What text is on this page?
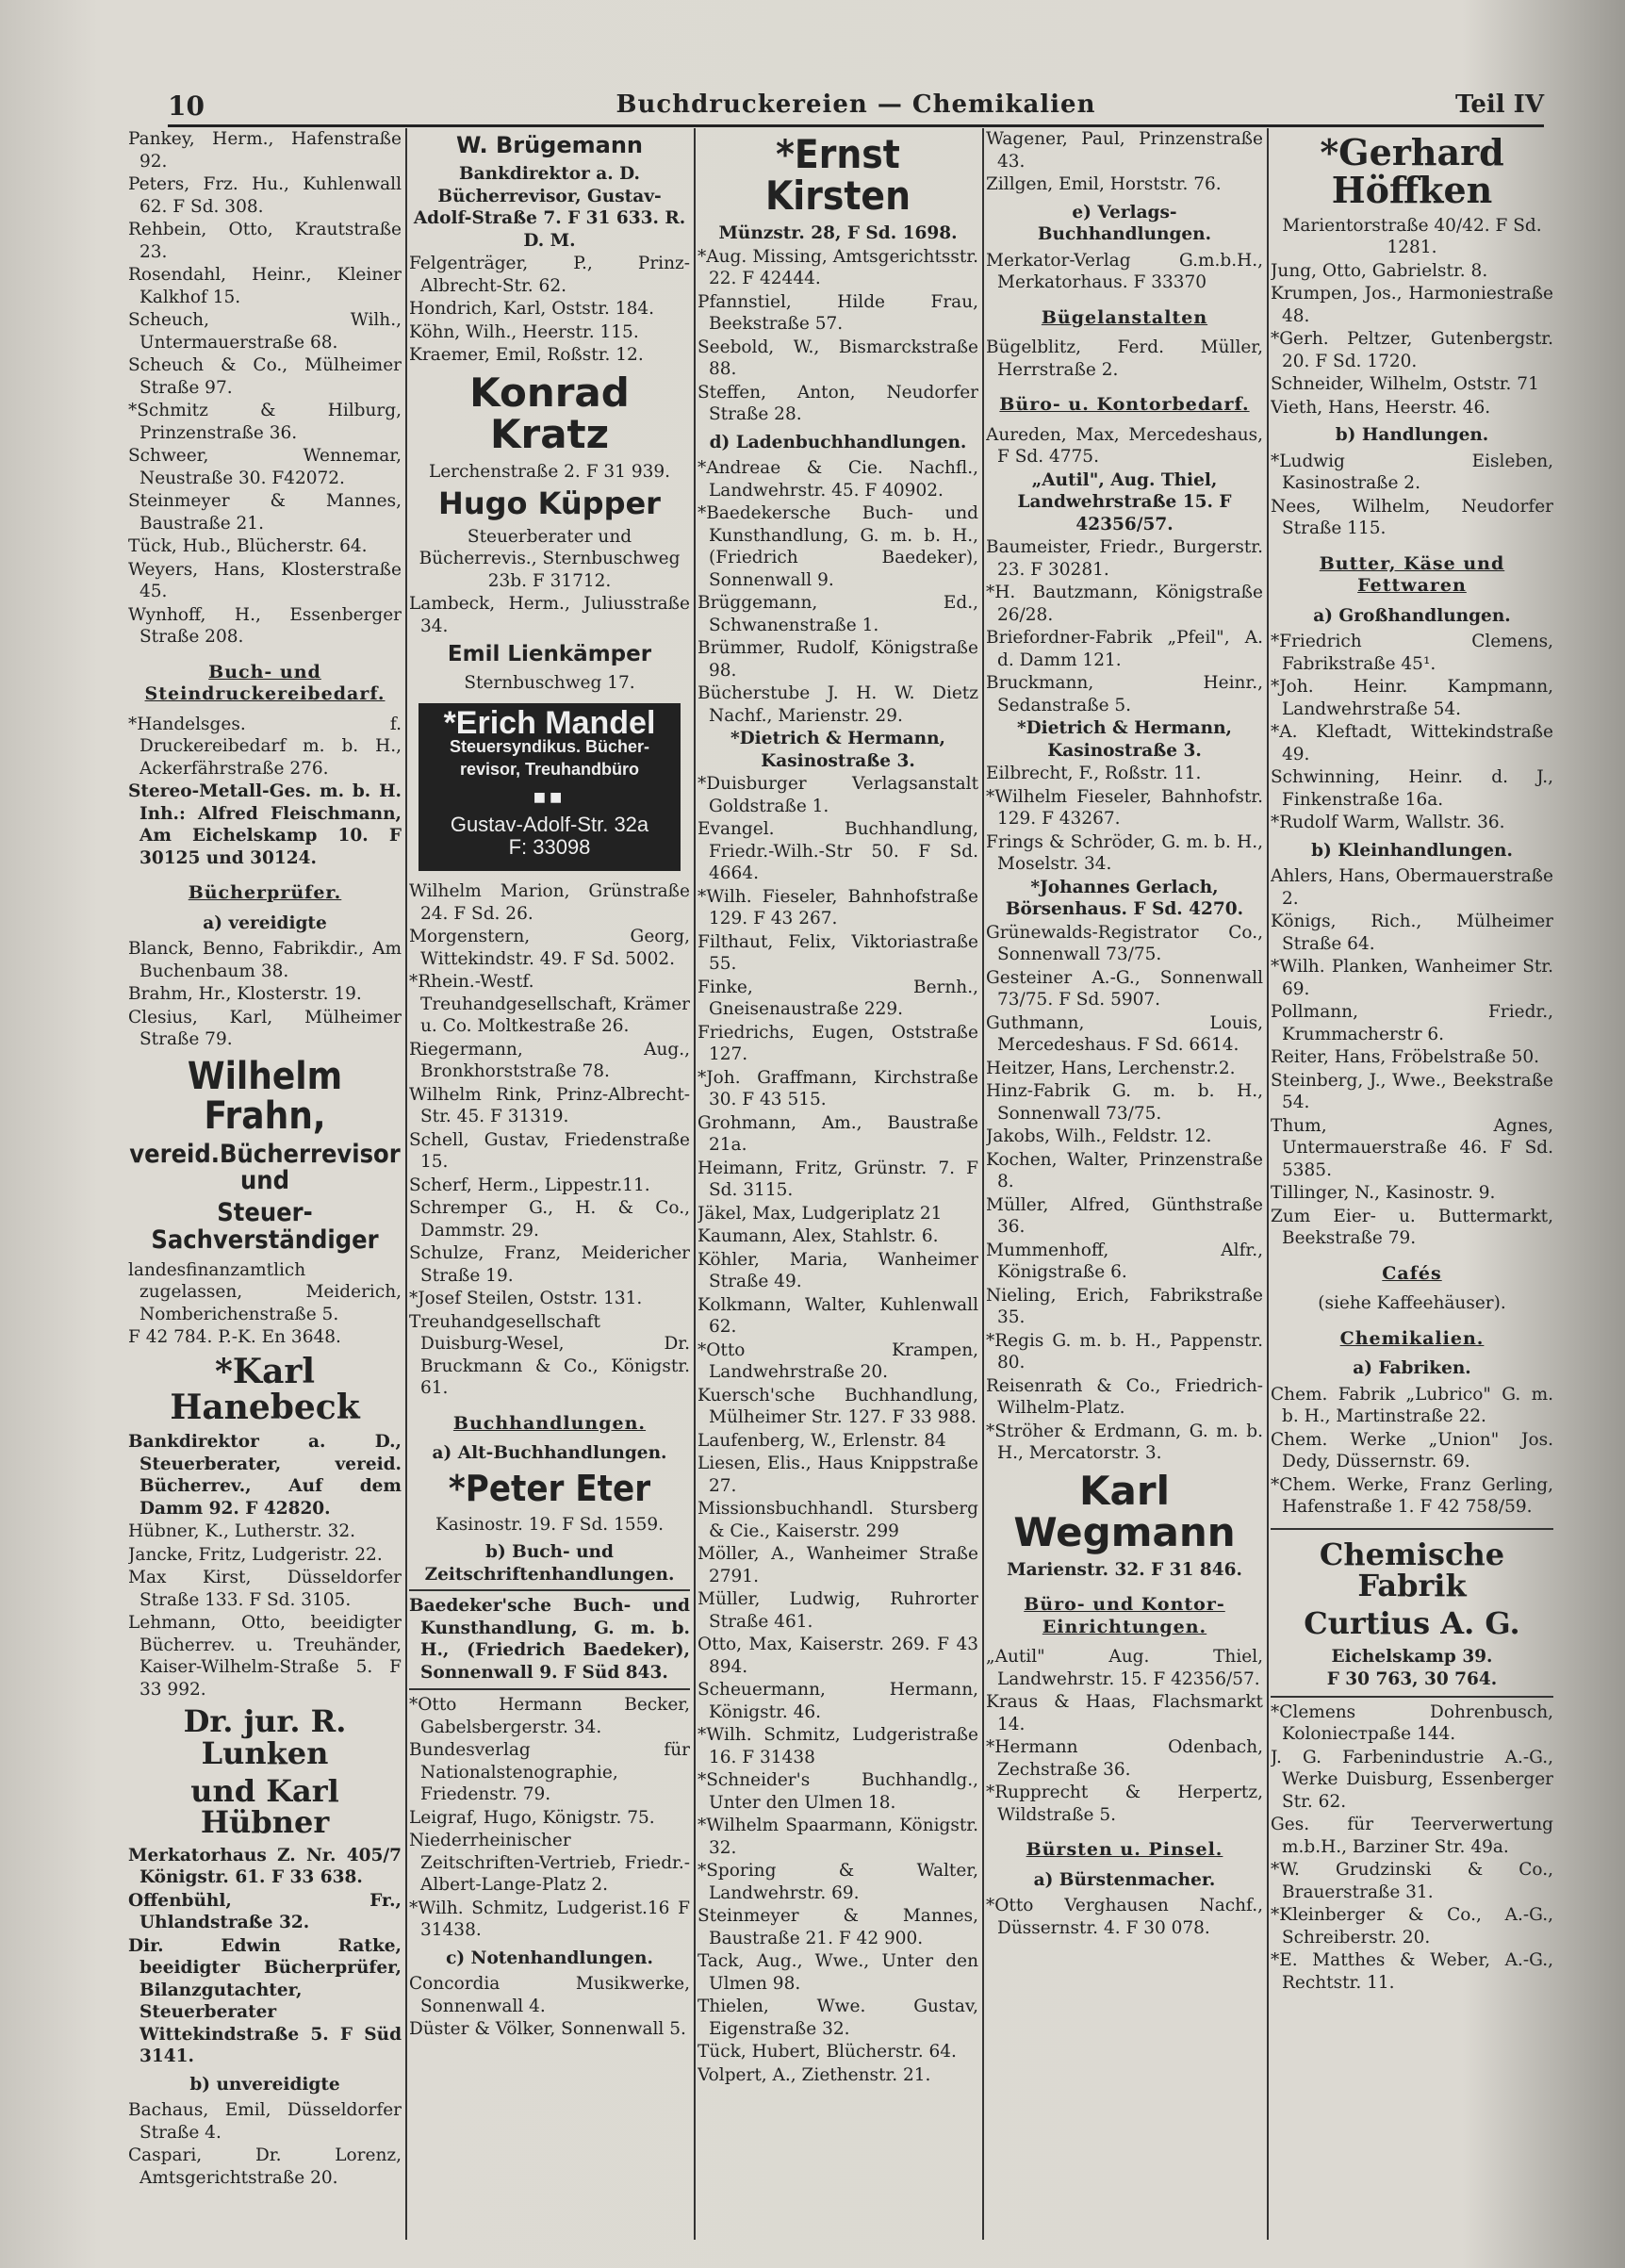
10	Buchdruckereien — Chemikalien	Teil IV

Pankey, Herm., Hafenstraße 92.

Peters, Frz. Hu., Kuhlenwall 62. F Sd. 308.

Rehbein, Otto, Krautstraße 23.

Rosendahl, Heinr., Kleiner Kalkhof 15.

Scheuch, Wilh., Untermauerstraße 68.

Scheuch & Co., Mülheimer Straße 97.

*Schmitz & Hilburg, Prinzenstraße 36.

Schweer, Wennemar, Neustraße 30. F42072.

Steinmeyer & Mannes, Baustraße 21.

Tück, Hub., Blücherstr. 64.

Weyers, Hans, Klosterstraße 45.

Wynhoff, H., Essenberger Straße 208.

Buch- und Steindruckereibedarf.

*Handelsges. f. Druckereibedarf m. b. H., Ackerfährstraße 276.

Stereo-Metall-Ges. m. b. H. Inh.: Alfred Fleischmann, Am Eichelskamp 10. F 30125 und 30124.

Bücherprüfer.
a) vereidigte

Blanck, Benno, Fabrikdir., Am Buchenbaum 38.

Brahm, Hr., Klosterstr. 19.

Clesius, Karl, Mülheimer Straße 79.

Wilhelm Frahn,
vereid.Bücherrevisor und
Steuer-Sachverständiger

landesfinanzamtlich zugelassen, Meiderich, Nomberichenstraße 5.

F 42 784. P.-K. En 3648.

*Karl Hanebeck

Bankdirektor a. D., Steuerberater, vereid. Bücherrev., Auf dem Damm 92. F 42820.

Hübner, K., Lutherstr. 32.

Jancke, Fritz, Ludgeristr. 22.

Max Kirst, Düsseldorfer Straße 133. F Sd. 3105.

Lehmann, Otto, beeidigter Bücherrev. u. Treuhänder, Kaiser-Wilhelm-Straße 5. F 33 992.

Dr. jur. R. Lunken
und Karl Hübner

Merkatorhaus Z. Nr. 405/7 Königstr. 61. F 33 638.

Offenbühl, Fr., Uhlandstraße 32.

Dir. Edwin Ratke, beeidigter Bücherprüfer, Bilanzgutachter, Steuerberater Wittekindstraße 5. F Süd 3141.

b) unvereidigte

Bachaus, Emil, Düsseldorfer Straße 4.

Caspari, Dr. Lorenz, Amtsgerichtstraße 20.

W. Brügemann

Bankdirektor a. D. Bücherrevisor, Gustav-Adolf-Straße 7. F 31 633. R. D. M.

Felgenträger, P., Prinz-Albrecht-Str. 62.

Hondrich, Karl, Oststr. 184.

Köhn, Wilh., Heerstr. 115.

Kraemer, Emil, Roßstr. 12.

Konrad Kratz

Lerchenstraße 2. F 31 939.

Hugo Küpper

Steuerberater und Bücherrevis., Sternbuschweg 23b. F 31712.

Lambeck, Herm., Juliusstraße 34.

Emil Lienkämper

Sternbuschweg 17.

*Erich Mandel
Steuersyndikus. Bücher-
revisor, Treuhandbüro
■■
Gustav-Adolf-Str. 32a
F: 33098

Wilhelm Marion, Grünstraße 24. F Sd. 26.

Morgenstern, Georg, Wittekindstr. 49. F Sd. 5002.

*Rhein.-Westf. Treuhandgesellschaft, Krämer u. Co. Moltkestraße 26.

Riegermann, Aug., Bronkhorststraße 78.

Wilhelm Rink, Prinz-Albrecht-Str. 45. F 31319.

Schell, Gustav, Friedenstraße 15.

Scherf, Herm., Lippestr.11.

Schremper G., H. & Co., Dammstr. 29.

Schulze, Franz, Meidericher Straße 19.

*Josef Steilen, Oststr. 131.

Treuhandgesellschaft Duisburg-Wesel, Dr. Bruckmann & Co., Königstr. 61.

Buchhandlungen.
a) Alt-Buchhandlungen.
*Peter Eter

Kasinostr. 19. F Sd. 1559.

b) Buch- und Zeitschriftenhandlungen.

Baedeker'sche Buch- und Kunsthandlung, G. m. b. H., (Friedrich Baedeker), Sonnenwall 9. F Süd 843.

*Otto Hermann Becker, Gabelsbergerstr. 34.

Bundesverlag für Nationalstenographie, Friedenstr. 79.

Leigraf, Hugo, Königstr. 75.

Niederrheinischer Zeitschriften-Vertrieb, Friedr.-Albert-Lange-Platz 2.

*Wilh. Schmitz, Ludgerist.16 F 31438.

c) Notenhandlungen.

Concordia Musikwerke, Sonnenwall 4.

Düster & Völker, Sonnenwall 5.

*Ernst Kirsten

Münzstr. 28, F Sd. 1698.

*Aug. Missing, Amtsgerichtsstr. 22. F 42444.

Pfannstiel, Hilde Frau, Beekstraße 57.

Seebold, W., Bismarckstraße 88.

Steffen, Anton, Neudorfer Straße 28.

d) Ladenbuchhandlungen.

*Andreae & Cie. Nachfl., Landwehrstr. 45. F 40902.

*Baedekersche Buch- und Kunsthandlung, G. m. b. H., (Friedrich Baedeker), Sonnenwall 9.

Brüggemann, Ed., Schwanenstraße 1.

Brümmer, Rudolf, Königstraße 98.

Bücherstube J. H. W. Dietz Nachf., Marienstr. 29.

*Dietrich & Hermann, Kasinostraße 3.

*Duisburger Verlagsanstalt Goldstraße 1.

Evangel. Buchhandlung, Friedr.-Wilh.-Str 50. F Sd. 4664.

*Wilh. Fieseler, Bahnhofstraße 129. F 43 267.

Filthaut, Felix, Viktoriastraße 55.

Finke, Bernh., Gneisenaustraße 229.

Friedrichs, Eugen, Oststraße 127.

*Joh. Graffmann, Kirchstraße 30. F 43 515.

Grohmann, Am., Baustraße 21a.

Heimann, Fritz, Grünstr. 7. F Sd. 3115.

Jäkel, Max, Ludgeriplatz 21

Kaumann, Alex, Stahlstr. 6.

Köhler, Maria, Wanheimer Straße 49.

Kolkmann, Walter, Kuhlenwall 62.

*Otto Krampen, Landwehrstraße 20.

Kuersch'sche Buchhandlung, Mülheimer Str. 127. F 33 988.

Laufenberg, W., Erlenstr. 84

Liesen, Elis., Haus Knippstraße 27.

Missionsbuchhandl. Stursberg & Cie., Kaiserstr. 299

Möller, A., Wanheimer Straße 2791.

Müller, Ludwig, Ruhrorter Straße 461.

Otto, Max, Kaiserstr. 269. F 43 894.

Scheuermann, Hermann, Königstr. 46.

*Wilh. Schmitz, Ludgeristraße 16. F 31438

*Schneider's Buchhandlg., Unter den Ulmen 18.

*Wilhelm Spaarmann, Königstr. 32.

*Sporing & Walter, Landwehrstr. 69.

Steinmeyer & Mannes, Baustraße 21. F 42 900.

Tack, Aug., Wwe., Unter den Ulmen 98.

Thielen, Wwe. Gustav, Eigenstraße 32.

Tück, Hubert, Blücherstr. 64.

Volpert, A., Ziethenstr. 21.

Wagener, Paul, Prinzenstraße 43.

Zillgen, Emil, Horststr. 76.

e) Verlags-Buchhandlungen.

Merkator-Verlag G.m.b.H., Merkatorhaus. F 33370

Bügelanstalten

Bügelblitz, Ferd. Müller, Herrstraße 2.

Büro- u. Kontorbedarf.

Aureden, Max, Mercedeshaus, F Sd. 4775.

„Autil", Aug. Thiel, Landwehrstraße 15. F 42356/57.

Baumeister, Friedr., Burgerstr. 23. F 30281.

*H. Bautzmann, Königstraße 26/28.

Briefordner-Fabrik „Pfeil", A. d. Damm 121.

Bruckmann, Heinr., Sedanstraße 5.

*Dietrich & Hermann, Kasinostraße 3.

Eilbrecht, F., Roßstr. 11.

*Wilhelm Fieseler, Bahnhofstr. 129. F 43267.

Frings & Schröder, G. m. b. H., Moselstr. 34.

*Johannes Gerlach, Börsenhaus. F Sd. 4270.

Grünewalds-Registrator Co., Sonnenwall 73/75.

Gesteiner A.-G., Sonnenwall 73/75. F Sd. 5907.

Guthmann, Louis, Mercedeshaus. F Sd. 6614.

Heitzer, Hans, Lerchenstr.2.

Hinz-Fabrik G. m. b. H., Sonnenwall 73/75.

Jakobs, Wilh., Feldstr. 12.

Kochen, Walter, Prinzenstraße 8.

Müller, Alfred, Günthstraße 36.

Mummenhoff, Alfr., Königstraße 6.

Nieling, Erich, Fabrikstraße 35.

*Regis G. m. b. H., Pappenstr. 80.

Reisenrath & Co., Friedrich-Wilhelm-Platz.

*Ströher & Erdmann, G. m. b. H., Mercatorstr. 3.

Karl Wegmann

Marienstr. 32. F 31 846.

Büro- und Kontor-Einrichtungen.

„Autil" Aug. Thiel, Landwehrstr. 15. F 42356/57.

Kraus & Haas, Flachsmarkt 14.

*Hermann Odenbach, Zechstraße 36.

*Rupprecht & Herpertz, Wildstraße 5.

Bürsten u. Pinsel.
a) Bürstenmacher.

*Otto Verghausen Nachf., Düssernstr. 4. F 30 078.

*Gerhard Höffken

Marientorstraße 40/42. F Sd. 1281.

Jung, Otto, Gabrielstr. 8.

Krumpen, Jos., Harmoniestraße 48.

*Gerh. Peltzer, Gutenbergstr. 20. F Sd. 1720.

Schneider, Wilhelm, Oststr. 71

Vieth, Hans, Heerstr. 46.

b) Handlungen.

*Ludwig Eisleben, Kasinostraße 2.

Nees, Wilhelm, Neudorfer Straße 115.

Butter, Käse und Fettwaren
a) Großhandlungen.

*Friedrich Clemens, Fabrikstraße 45¹.

*Joh. Heinr. Kampmann, Landwehrstraße 54.

*A. Kleftadt, Wittekindstraße 49.

Schwinning, Heinr. d. J., Finkenstraße 16a.

*Rudolf Warm, Wallstr. 36.

b) Kleinhandlungen.

Ahlers, Hans, Obermauerstraße 2.

Königs, Rich., Mülheimer Straße 64.

*Wilh. Planken, Wanheimer Str. 69.

Pollmann, Friedr., Krummacherstr 6.

Reiter, Hans, Fröbelstraße 50.

Steinberg, J., Wwe., Beekstraße 54.

Thum, Agnes, Untermauerstraße 46. F Sd. 5385.

Tillinger, N., Kasinostr. 9.

Zum Eier- u. Buttermarkt, Beekstraße 79.

Cafés

(siehe Kaffeehäuser).

Chemikalien.
a) Fabriken.

Chem. Fabrik „Lubrico" G. m. b. H., Martinstraße 22.

Chem. Werke „Union" Jos. Dedy, Düssernstr. 69.

*Chem. Werke, Franz Gerling, Hafenstraße 1. F 42 758/59.

Chemische Fabrik
Curtius A. G.

Eichelskamp 39.

F 30 763, 30 764.

*Clemens Dohrenbusch, Kolonieстраße 144.

J. G. Farbenindustrie A.-G., Werke Duisburg, Essenberger Str. 62.

Ges. für Teerverwertung m.b.H., Barziner Str. 49a.

*W. Grudzinski & Co., Brauerstraße 31.

*Kleinberger & Co., A.-G., Schreiberstr. 20.

*E. Matthes & Weber, A.-G., Rechtstr. 11.
